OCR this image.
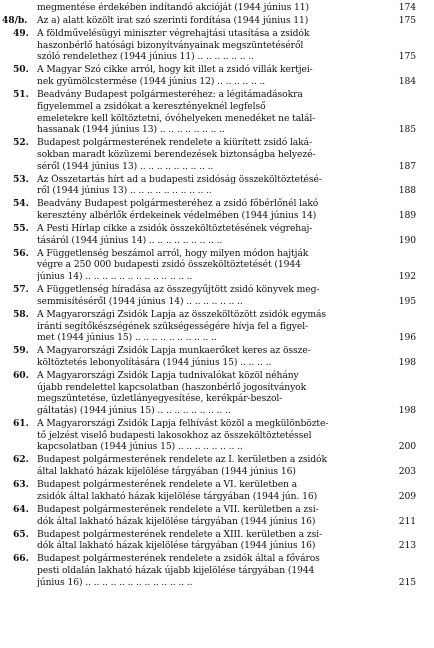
megmentése érdekében indítandó akcióját (1944 június 11)	174
48/b.	Az a) alatt közölt irat szó szerinti fordítása (1944 június 11)	175
49. A földművelésügyi miniszter végrehajtási utasítása a zsidók
haszonbérlő hatósági bizonyítványainak megszüntetéséről
szóló rendelethez (1944 június 11) .. .. .. .. .. .. ..	175
50. A Magyar Szó cikke arról, hogy kit illet a zsidó villák kertjei-
nek gyümölcstermése (1944 június 12) .. .. .. .. .. ..	184
51. Beadvány Budapest polgármesteréhez: a légitámadásokra
figyelemmel a zsidókat a keresztényeknél legfelső
emeletekre kell költöztetni, óvóhelyeken menedéket ne talál-
hassanak (1944 június 13) .. .. .. .. .. .. .. ..	185
52. Budapest polgármesterének rendelete a kiürített zsidó laká-
sokban maradt közüzemi berendezések biztonságba helyezé-
séről (1944 június 13) .. .. .. .. .. .. .. .. ..	187
53. Az Összetartás hírt ad a budapesti zsidóság összeköltöztetésé-
ről (1944 június 13) .. .. .. .. .. .. .. .. .. ..	188
54. Beadvány Budapest polgármesteréhez a zsidó főbérlőnél lakó
keresztény albérlők érdekeinek védelmében (1944 június 14)	189
55. A Pesti Hírlap cikke a zsidók összeköltöztetésének végrehaj-
tásáról (1944 június 14) .. .. .. .. .. .. .. .. ..	190
56. A Függetlenség beszámol arról, hogy milyen módon hajtják
végre a 250 000 budapesti zsidó összeköltöztetését (1944
június 14) .. .. .. .. .. .. .. .. .. .. .. .. ..	192
57. A Függetlenség híradása az összegyűjtött zsidó könyvek meg-
semmisítéséről (1944 június 14) .. .. .. .. .. .. ..	195
58. A Magyarországi Zsidók Lapja az összeköltözött zsidók egymás
iránti segítőkészségének szükségességére hívja fel a figyel-
met (1944 június 15) .. .. .. .. .. .. .. .. .. ..	196
59. A Magyarországi Zsidók Lapja munkaerőket keres az össze-
költöztetés lebonyolítására (1944 június 15) .. .. .. ..	198
60. A Magyarországi Zsidók Lapja tudnivalókat közöl néhány
újabb rendelettel kapcsolatban (haszonbérlő jogosítványok
megszüntetése, üzletlányegyesítése, kerékpár-beszol-
gáltatás) (1944 június 15) .. .. .. .. .. .. .. .. ..	198
61. A Magyarországi Zsidók Lapja felhívást közöl a megkülönbözte-
tő jelzést viselő budapesti lakosokhoz az összeköltöztetéssel
kapcsolatban (1944 június 15) .. .. .. .. .. .. .. ..	200
62. Budapest polgármesterének rendelete az I. kerületben a zsidók
által lakható házak kijelölése tárgyában (1944 június 16)	203
63. Budapest polgármesterének rendelete a VI. kerületben a
zsidók által lakható házak kijelölése tárgyában (1944 jún. 16)	209
64. Budapest polgármesterének rendelete a VII. kerületben a zsi-
dók által lakható házak kijelölése tárgyában (1944 június 16)	211
65. Budapest polgármesterének rendelete a XIII. kerületben a zsi-
dók által lakható házak kijelölése tárgyában (1944 június 16)	213
66. Budapest polgármesterének rendelete a zsidók által a főváros
pesti oldalán lakható házak újabb kijelölése tárgyában (1944
június 16) .. .. .. .. .. .. .. .. .. .. .. .. ..	215
